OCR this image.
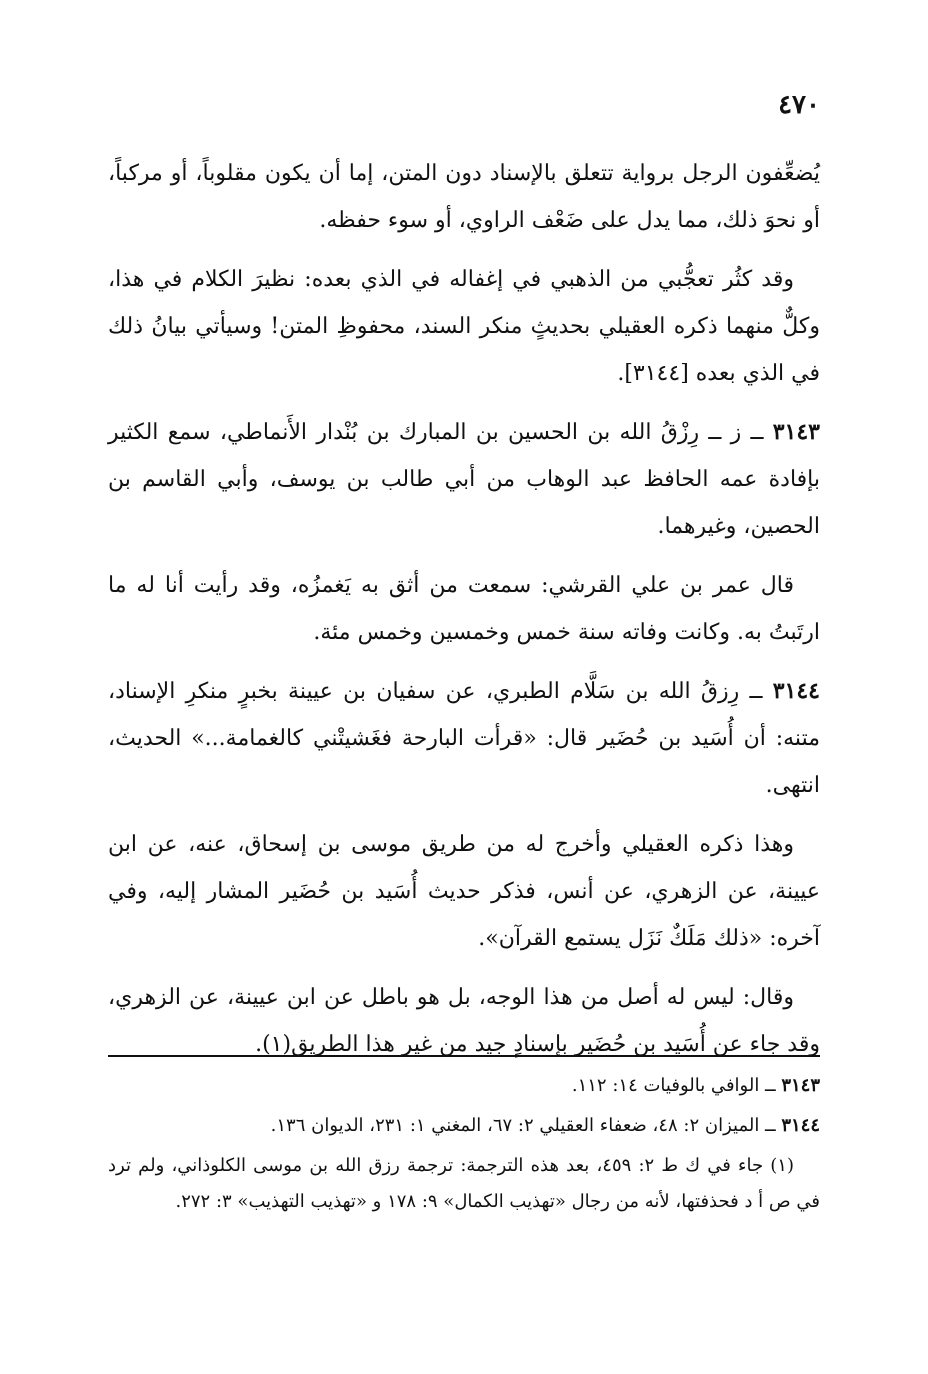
٤٧٠

يُضعِّفون الرجل برواية تتعلق بالإسناد دون المتن، إما أن يكون مقلوباً، أو مركباً، أو نحوَ ذلك، مما يدل على ضَعْف الراوي، أو سوء حفظه.

وقد كثُر تعجُّبي من الذهبي في إغفاله في الذي بعده: نظيرَ الكلام في هذا، وكلٌّ منهما ذكره العقيلي بحديثٍ منكر السند، محفوظِ المتن! وسيأتي بيانُ ذلك في الذي بعده [٣١٤٤].

٣١٤٣ ــ ز ــ رِزْقُ الله بن الحسين بن المبارك بن بُنْدار الأَنماطي، سمع الكثير بإفادة عمه الحافظ عبد الوهاب من أبي طالب بن يوسف، وأبي القاسم بن الحصين، وغيرهما.

قال عمر بن علي القرشي: سمعت من أثق به يَغمزُه، وقد رأيت أنا له ما ارتَبتُ به. وكانت وفاته سنة خمس وخمسين وخمس مئة.

٣١٤٤ ــ رِزقُ الله بن سَلَّام الطبري، عن سفيان بن عيينة بخبرٍ منكرِ الإسناد، متنه: أن أُسَيد بن حُضَير قال: «قرأت البارحة فغَشيتْني كالغمامة...» الحديث، انتهى.

وهذا ذكره العقيلي وأخرج له من طريق موسى بن إسحاق، عنه، عن ابن عيينة، عن الزهري، عن أنس، فذكر حديث أُسَيد بن حُضَير المشار إليه، وفي آخره: «ذلك مَلَكٌ نَزَل يستمع القرآن».

وقال: ليس له أصل من هذا الوجه، بل هو باطل عن ابن عيينة، عن الزهري، وقد جاء عن أُسَيد بن حُضَير بإسنادٍ جيد من غير هذا الطريق(١).

٣١٤٣ ــ الوافي بالوفيات ١٤: ١١٢.

٣١٤٤ ــ الميزان ٢: ٤٨، ضعفاء العقيلي ٢: ٦٧، المغني ١: ٢٣١، الديوان ١٣٦.

(١) جاء في ك ط ٢: ٤٥٩، بعد هذه الترجمة: ترجمة رزق الله بن موسى الكلوذاني، ولم ترد في ص أ د فحذفتها، لأنه من رجال «تهذيب الكمال» ٩: ١٧٨ و «تهذيب التهذيب» ٣: ٢٧٢.
